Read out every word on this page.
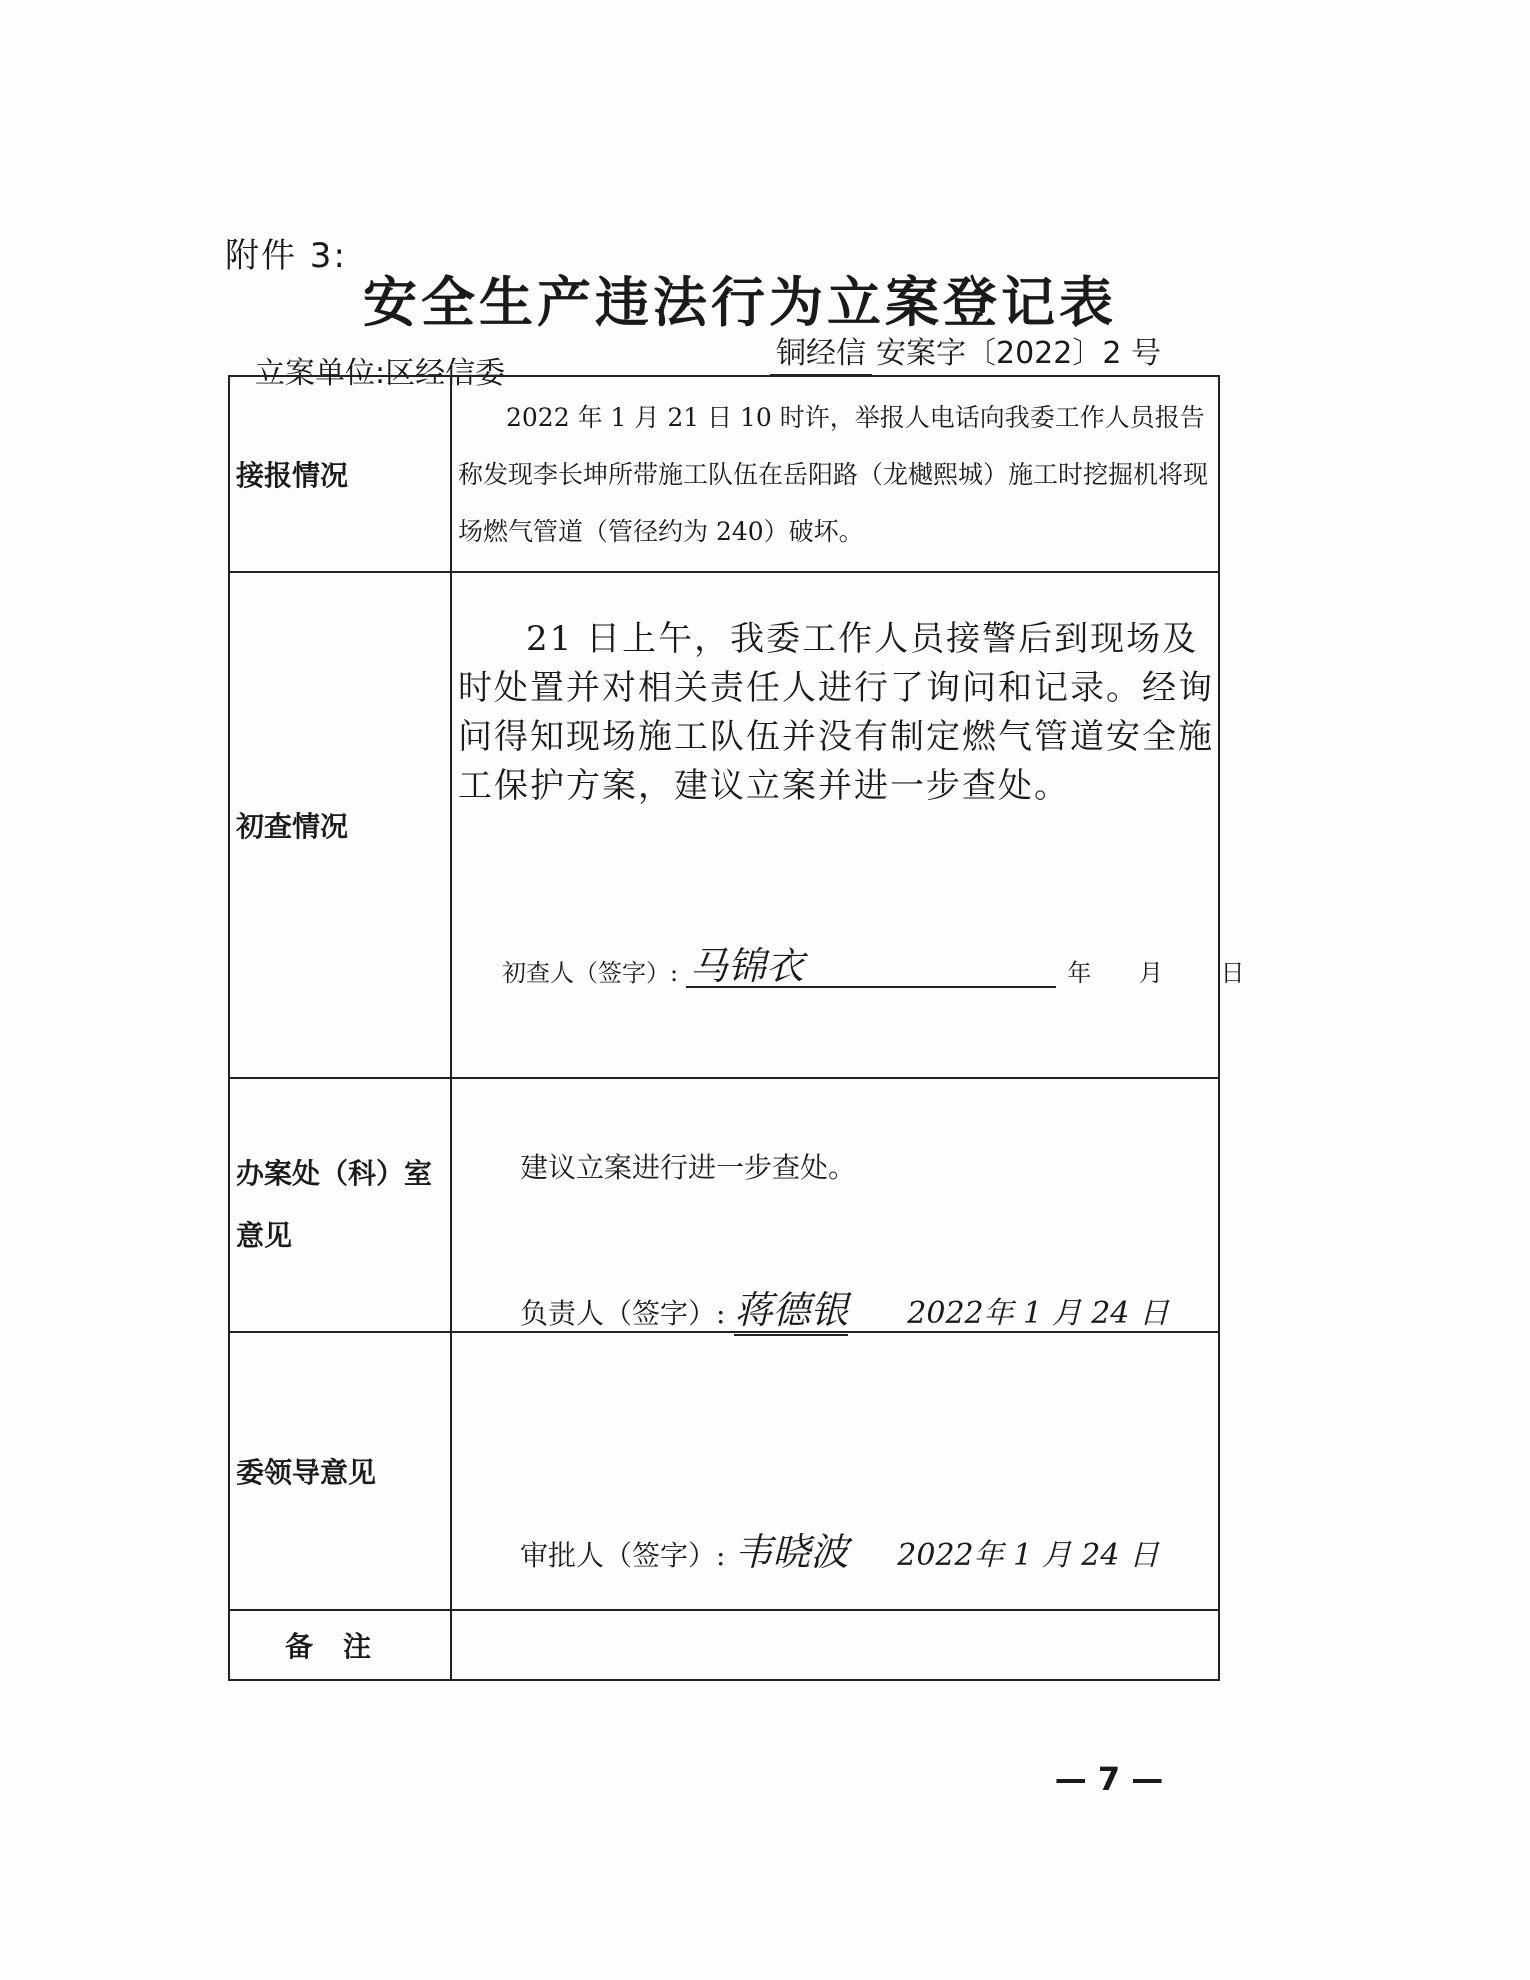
附件 3:
安全生产违法行为立案登记表
立案单位:区经信委
铜经信 安案字〔2022〕2 号
接报情况	2022 年 1 月 21 日 10 时许，举报人电话向我委工作人员报告称发现李长坤所带施工队伍在岳阳路（龙樾熙城）施工时挖掘机将现场燃气管道（管径约为 240）破坏。

初查情况	21 日上午，我委工作人员接警后到现场及时处置并对相关责任人进行了询问和记录。经询问得知现场施工队伍并没有制定燃气管道安全施工保护方案，建议立案并进一步查处。
初查人（签字）: 马锦衣 年 月 日

办案处（科）室意见	建议立案进行进一步查处。
负责人（签字）: 蒋德银 2022年 1 月 24 日

委领导意见	审批人（签字）: 韦晓波 2022年 1 月 24 日

备注	
— 7 —
